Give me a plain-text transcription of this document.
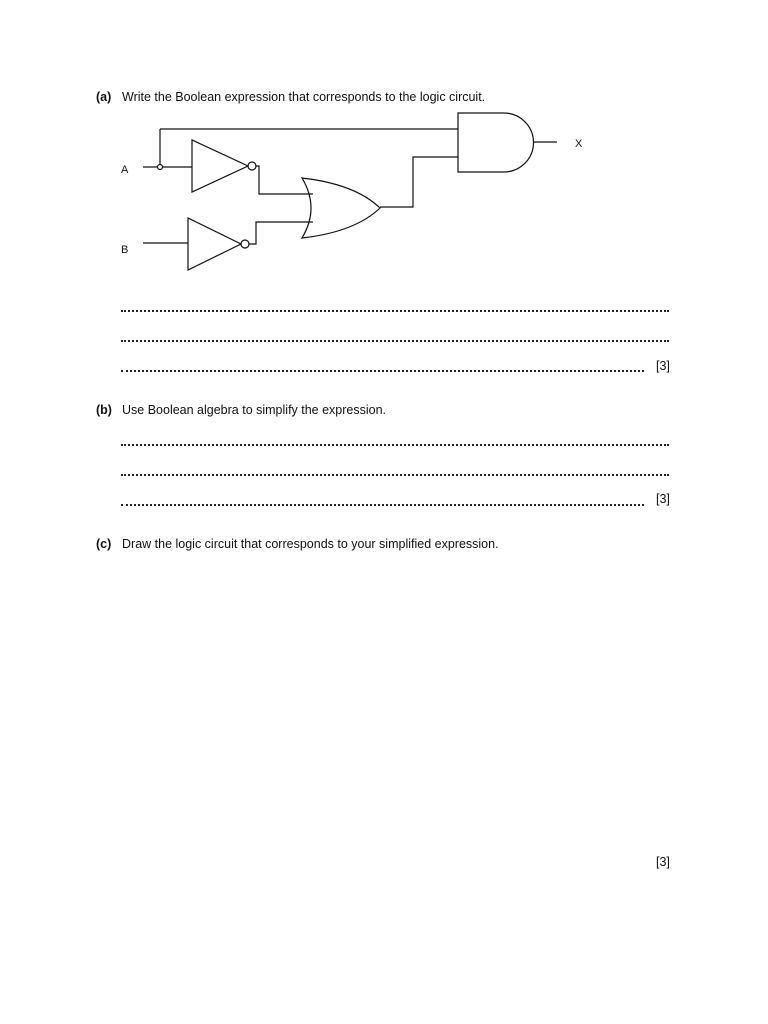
(a) Write the Boolean expression that corresponds to the logic circuit.
A
B
X
[3]
(b) Use Boolean algebra to simplify the expression.
[3]
(c) Draw the logic circuit that corresponds to your simplified expression.
[3]
